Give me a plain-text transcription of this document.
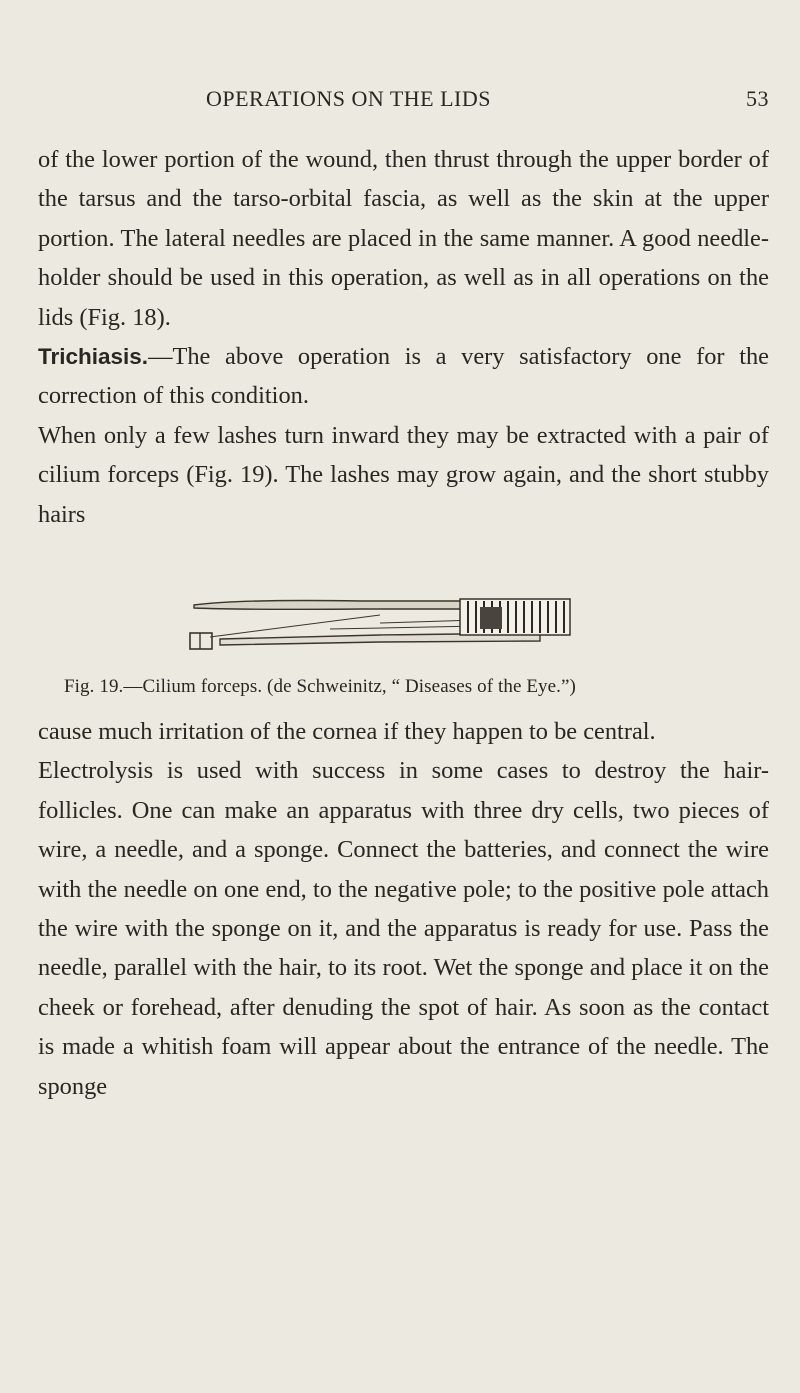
OPERATIONS ON THE LIDS	53

of the lower portion of the wound, then thrust through the upper border of the tarsus and the tarso-orbital fascia, as well as the skin at the upper portion. The lateral needles are placed in the same manner. A good needle-holder should be used in this operation, as well as in all operations on the lids (Fig. 18).

Trichiasis.—The above operation is a very satisfactory one for the correction of this condition.

When only a few lashes turn inward they may be extracted with a pair of cilium forceps (Fig. 19). The lashes may grow again, and the short stubby hairs

Fig. 19.—Cilium forceps. (de Schweinitz, “ Diseases of the Eye.”)

cause much irritation of the cornea if they happen to be central.

Electrolysis is used with success in some cases to destroy the hair-follicles. One can make an apparatus with three dry cells, two pieces of wire, a needle, and a sponge. Connect the batteries, and connect the wire with the needle on one end, to the negative pole; to the positive pole attach the wire with the sponge on it, and the apparatus is ready for use. Pass the needle, parallel with the hair, to its root. Wet the sponge and place it on the cheek or forehead, after denuding the spot of hair. As soon as the contact is made a whitish foam will appear about the entrance of the needle. The sponge
